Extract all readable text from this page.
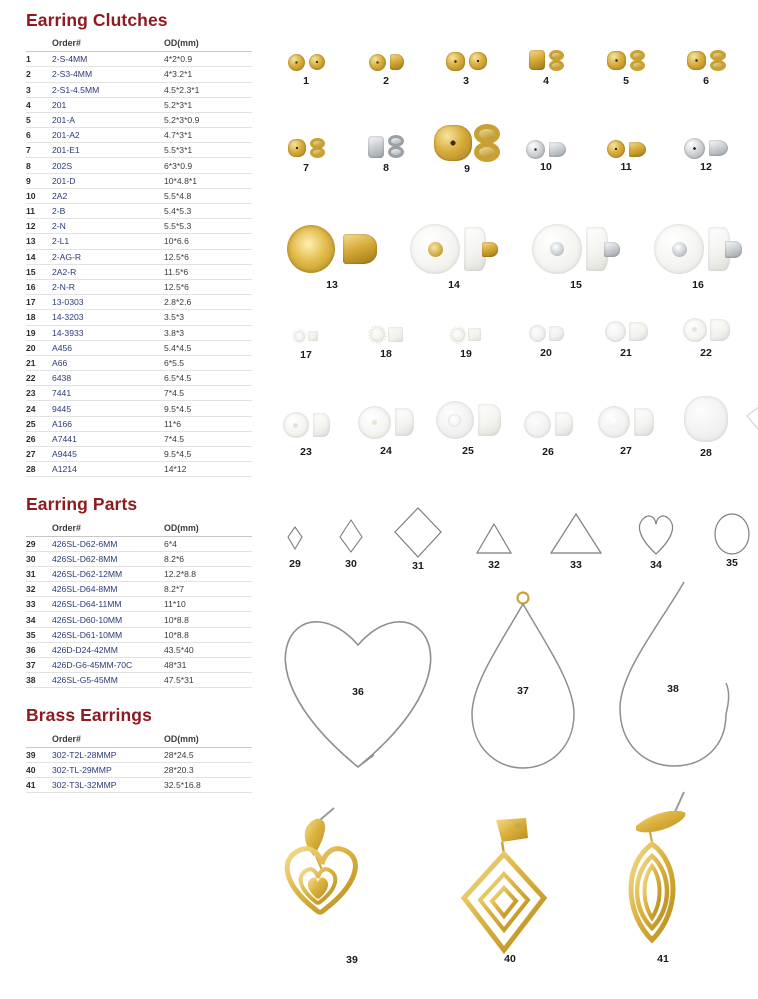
Earring Clutches
	Order#	OD(mm)
1	2-S-4MM	4*2*0.9
2	2-S3-4MM	4*3.2*1
3	2-S1-4.5MM	4.5*2.3*1
4	201	5.2*3*1
5	201-A	5.2*3*0.9
6	201-A2	4.7*3*1
7	201-E1	5.5*3*1
8	202S	6*3*0.9
9	201-D	10*4.8*1
10	2A2	5.5*4.8
11	2-B	5.4*5.3
12	2-N	5.5*5.3
13	2-L1	10*6.6
14	2-AG-R	12.5*6
15	2A2-R	11.5*6
16	2-N-R	12.5*6
17	13-0303	2.8*2.6
18	14-3203	3.5*3
19	14-3933	3.8*3
20	A456	5.4*4.5
21	A66	6*5.5
22	6438	6.5*4.5
23	7441	7*4.5
24	9445	9.5*4.5
25	A166	11*6
26	A7441	7*4.5
27	A9445	9.5*4.5
28	A1214	14*12
Earring Parts
	Order#	OD(mm)
29	426SL-D62-6MM	6*4
30	426SL-D62-8MM	8.2*6
31	426SL-D62-12MM	12.2*8.8
32	426SL-D64-8MM	8.2*7
33	426SL-D64-11MM	11*10
34	426SL-D60-10MM	10*8.8
35	426SL-D61-10MM	10*8.8
36	426D-D24-42MM	43.5*40
37	426D-G6-45MM-70C	48*31
38	426SL-G5-45MM	47.5*31
Brass Earrings
	Order#	OD(mm)
39	302-T2L-28MMP	28*24.5
40	302-TL-29MMP	28*20.3
41	302-T3L-32MMP	32.5*16.8
1	2	3	4	5	6
7	8	9	10	11	12
13	14	15	16
17	18	19	20	21	22
23	24	25	26	27	28
29	30	31	32	33	34	35
36	37	38
39	40	41
